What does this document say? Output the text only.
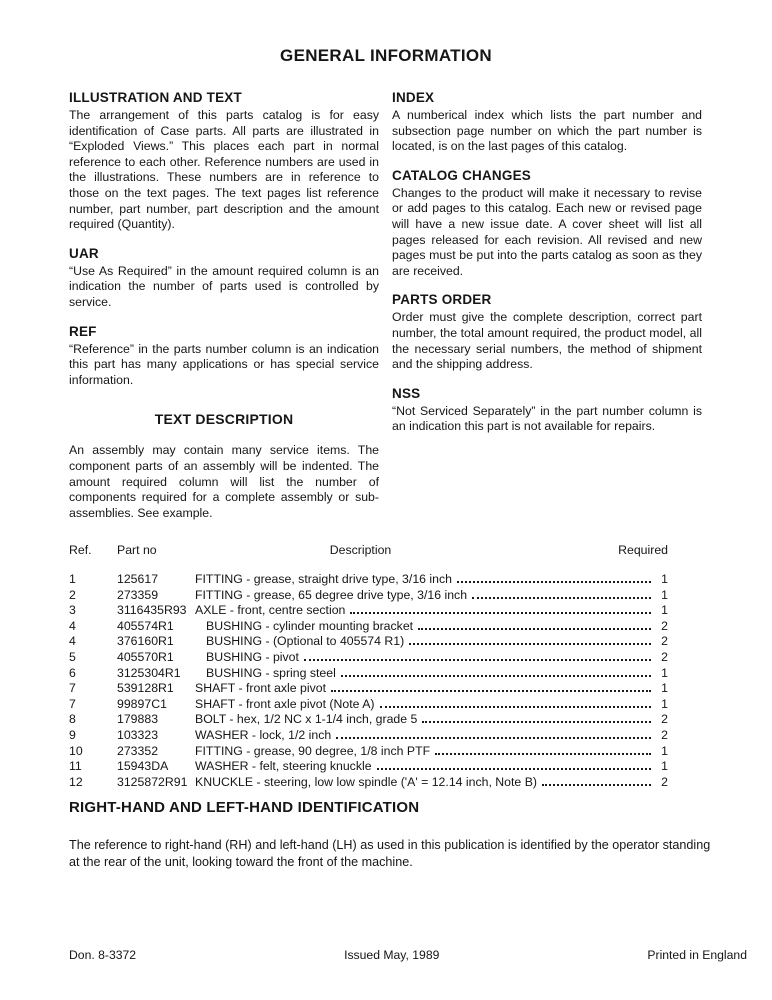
GENERAL INFORMATION
ILLUSTRATION AND TEXT

The arrangement of this parts catalog is for easy identification of Case parts. All parts are illustrated in “Exploded Views.” This places each part in normal reference to each other. Reference numbers are used in the illustrations. These numbers are in reference to those on the text pages. The text pages list reference number, part number, part description and the amount required (Quantity).

UAR

“Use As Required” in the amount required column is an indication the number of parts used is controlled by service.

REF

“Reference” in the parts number column is an indication this part has many applications or has special service information.

TEXT DESCRIPTION

An assembly may contain many service items. The component parts of an assembly will be indented. The amount required column will list the number of components required for a complete assembly or sub-assemblies. See example.

INDEX

A numberical index which lists the part number and subsection page number on which the part number is located, is on the last pages of this catalog.

CATALOG CHANGES

Changes to the product will make it necessary to revise or add pages to this catalog. Each new or revised page will have a new issue date. A cover sheet will list all pages released for each revision. All revised and new pages must be put into the parts catalog as soon as they are received.

PARTS ORDER

Order must give the complete description, correct part number, the total amount required, the product model, all the necessary serial numbers, the method of shipment and the shipping address.

NSS

“Not Serviced Separately” in the part number column is an indication this part is not available for repairs.

Ref.	Part no	Description	Required
1	125617	FITTING - grease, straight drive type, 3/16 inch	1
2	273359	FITTING - grease, 65 degree drive type, 3/16 inch	1
3	3116435R93 AXLE - front, centre section	1
4	405574R1	BUSHING - cylinder mounting bracket	2
4	376160R1	BUSHING - (Optional to 405574 R1)	2
5	405570R1	BUSHING - pivot	2
6	3125304R1	BUSHING - spring steel	1
7	539128R1	SHAFT - front axle pivot	1
7	99897C1	SHAFT - front axle pivot (Note A)	1
8	179883	BOLT - hex, 1/2 NC x 1-1/4 inch, grade 5	2
9	103323	WASHER - lock, 1/2 inch	2
10	273352	FITTING - grease, 90 degree, 1/8 inch PTF	1
11	15943DA	WASHER - felt, steering knuckle	1
12	3125872R91 KNUCKLE - steering, low low spindle ('A' = 12.14 inch, Note B)	2
RIGHT-HAND AND LEFT-HAND IDENTIFICATION

The reference to right-hand (RH) and left-hand (LH) as used in this publication is identified by the operator standing at the rear of the unit, looking toward the front of the machine.

Don. 8-3372	Issued May, 1989	Printed in England
